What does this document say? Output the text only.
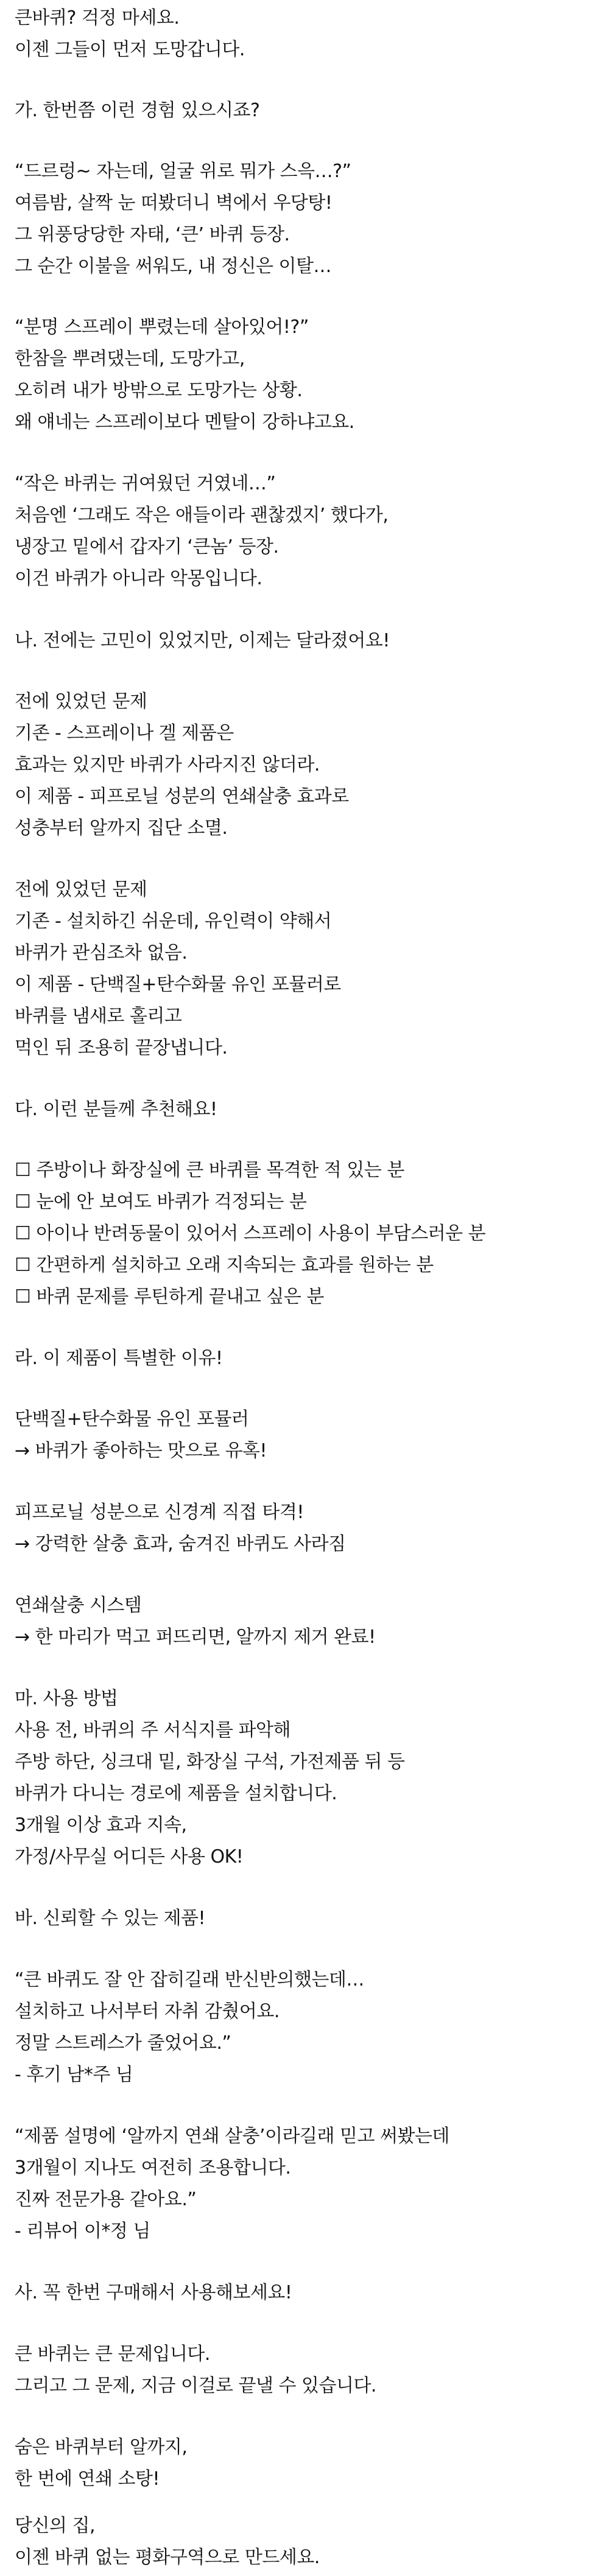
큰바퀴? 걱정 마세요.
이젠 그들이 먼저 도망갑니다.
가. 한번쯤 이런 경험 있으시죠?
“드르렁~ 자는데, 얼굴 위로 뭐가 스윽…?”
여름밤, 살짝 눈 떠봤더니 벽에서 우당탕!
그 위풍당당한 자태, ‘큰’ 바퀴 등장.
그 순간 이불을 써워도, 내 정신은 이탈…
“분명 스프레이 뿌렸는데 살아있어!?”
한참을 뿌려댔는데, 도망가고,
오히려 내가 방밖으로 도망가는 상황.
왜 얘네는 스프레이보다 멘탈이 강하냐고요.
“작은 바퀴는 귀여웠던 거였네…”
처음엔 ‘그래도 작은 애들이라 괜찮겠지’ 했다가,
냉장고 밑에서 갑자기 ‘큰놈’ 등장.
이건 바퀴가 아니라 악몽입니다.
나. 전에는 고민이 있었지만, 이제는 달라졌어요!
전에 있었던 문제
기존 - 스프레이나 겔 제품은
효과는 있지만 바퀴가 사라지진 않더라.
이 제품 - 피프로닐 성분의 연쇄살충 효과로
성충부터 알까지 집단 소멸.
전에 있었던 문제
기존 - 설치하긴 쉬운데, 유인력이 약해서
바퀴가 관심조차 없음.
이 제품 - 단백질+탄수화물 유인 포뮬러로
바퀴를 냄새로 홀리고
먹인 뒤 조용히 끝장냅니다.
다. 이런 분들께 추천해요!
☐ 주방이나 화장실에 큰 바퀴를 목격한 적 있는 분
☐ 눈에 안 보여도 바퀴가 걱정되는 분
☐ 아이나 반려동물이 있어서 스프레이 사용이 부담스러운 분
☐ 간편하게 설치하고 오래 지속되는 효과를 원하는 분
☐ 바퀴 문제를 루틴하게 끝내고 싶은 분
라. 이 제품이 특별한 이유!
단백질+탄수화물 유인 포뮬러
→ 바퀴가 좋아하는 맛으로 유혹!
피프로닐 성분으로 신경계 직접 타격!
→ 강력한 살충 효과, 숨겨진 바퀴도 사라짐
연쇄살충 시스템
→ 한 마리가 먹고 퍼뜨리면, 알까지 제거 완료!
마. 사용 방법
사용 전, 바퀴의 주 서식지를 파악해
주방 하단, 싱크대 밑, 화장실 구석, 가전제품 뒤 등
바퀴가 다니는 경로에 제품을 설치합니다.
3개월 이상 효과 지속,
가정/사무실 어디든 사용 OK!
바. 신뢰할 수 있는 제품!
“큰 바퀴도 잘 안 잡히길래 반신반의했는데…
설치하고 나서부터 자취 감췄어요.
정말 스트레스가 줄었어요.”
- 후기 남*주 님
“제품 설명에 ‘알까지 연쇄 살충’이라길래 믿고 써봤는데
3개월이 지나도 여전히 조용합니다.
진짜 전문가용 같아요.”
- 리뷰어 이*정 님
사. 꼭 한번 구매해서 사용해보세요!
큰 바퀴는 큰 문제입니다.
그리고 그 문제, 지금 이걸로 끝낼 수 있습니다.
숨은 바퀴부터 알까지,
한 번에 연쇄 소탕!
당신의 집,
이젠 바퀴 없는 평화구역으로 만드세요.
